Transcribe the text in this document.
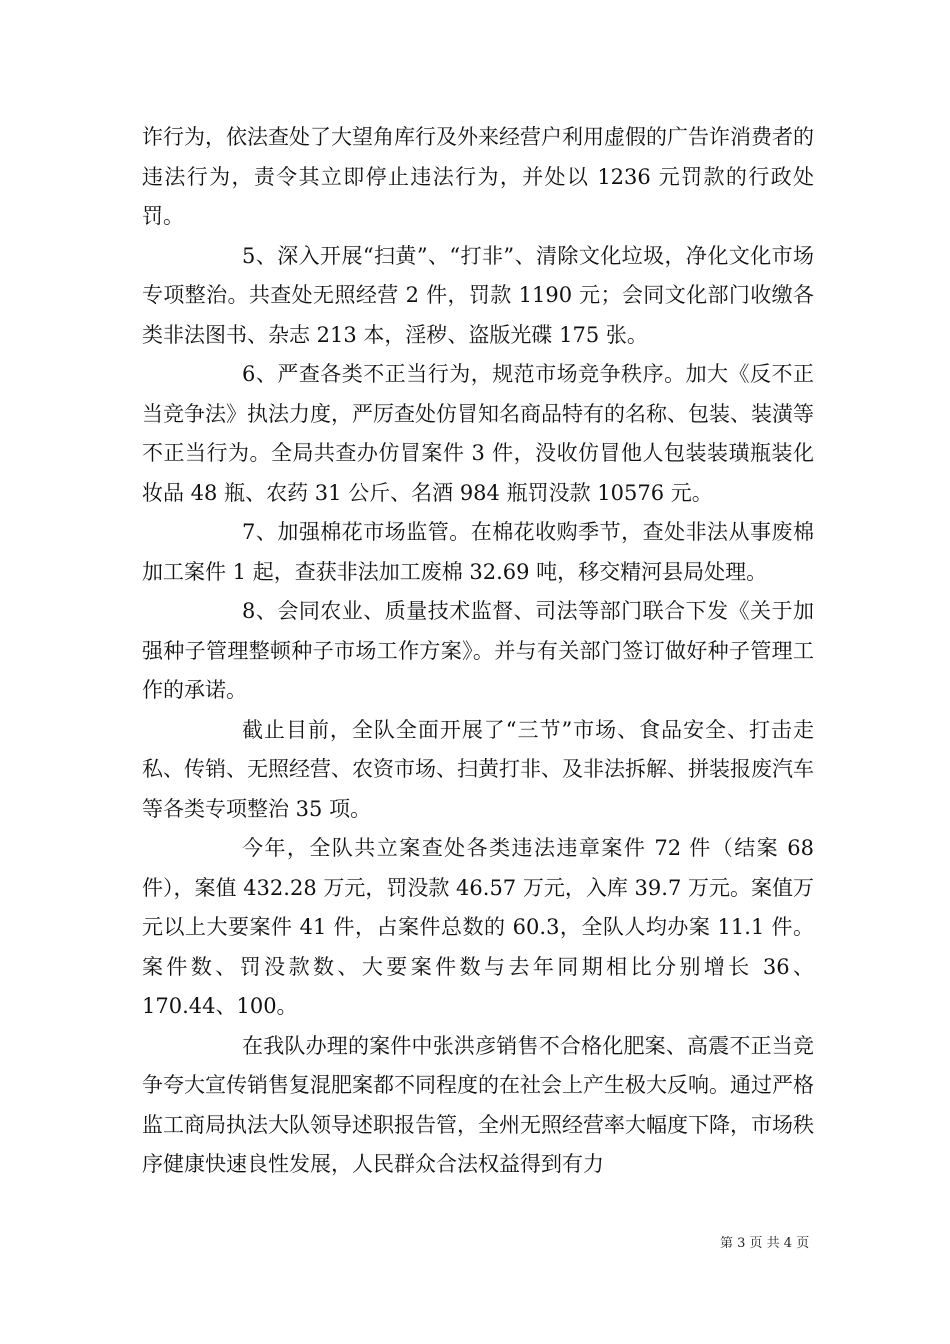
诈行为，依法查处了大望角库行及外来经营户利用虚假的广告诈消费者的违法行为，责令其立即停止违法行为，并处以 1236 元罚款的行政处罚。

5、深入开展“扫黄”、“打非”、清除文化垃圾，净化文化市场专项整治。共查处无照经营 2 件，罚款 1190 元；会同文化部门收缴各类非法图书、杂志 213 本，淫秽、盗版光碟 175 张。

6、严查各类不正当行为，规范市场竞争秩序。加大《反不正当竞争法》执法力度，严厉查处仿冒知名商品特有的名称、包装、装潢等不正当行为。全局共查办仿冒案件 3 件，没收仿冒他人包装装璜瓶装化妆品 48 瓶、农药 31 公斤、名酒 984 瓶罚没款 10576 元。

7、加强棉花市场监管。在棉花收购季节，查处非法从事废棉加工案件 1 起，查获非法加工废棉 32.69 吨，移交精河县局处理。

8、会同农业、质量技术监督、司法等部门联合下发《关于加强种子管理整顿种子市场工作方案》。并与有关部门签订做好种子管理工作的承诺。

截止目前，全队全面开展了“三节”市场、食品安全、打击走私、传销、无照经营、农资市场、扫黄打非、及非法拆解、拼装报废汽车等各类专项整治 35 项。

今年，全队共立案查处各类违法违章案件 72 件（结案 68 件），案值 432.28 万元，罚没款 46.57 万元，入库 39.7 万元。案值万元以上大要案件 41 件，占案件总数的 60.3，全队人均办案 11.1 件。案件数、罚没款数、大要案件数与去年同期相比分别增长 36、170.44、100。

在我队办理的案件中张洪彦销售不合格化肥案、高震不正当竞争夸大宣传销售复混肥案都不同程度的在社会上产生极大反响。通过严格监工商局执法大队领导述职报告管，全州无照经营率大幅度下降，市场秩序健康快速良性发展，人民群众合法权益得到有力

第 3 页 共 4 页
